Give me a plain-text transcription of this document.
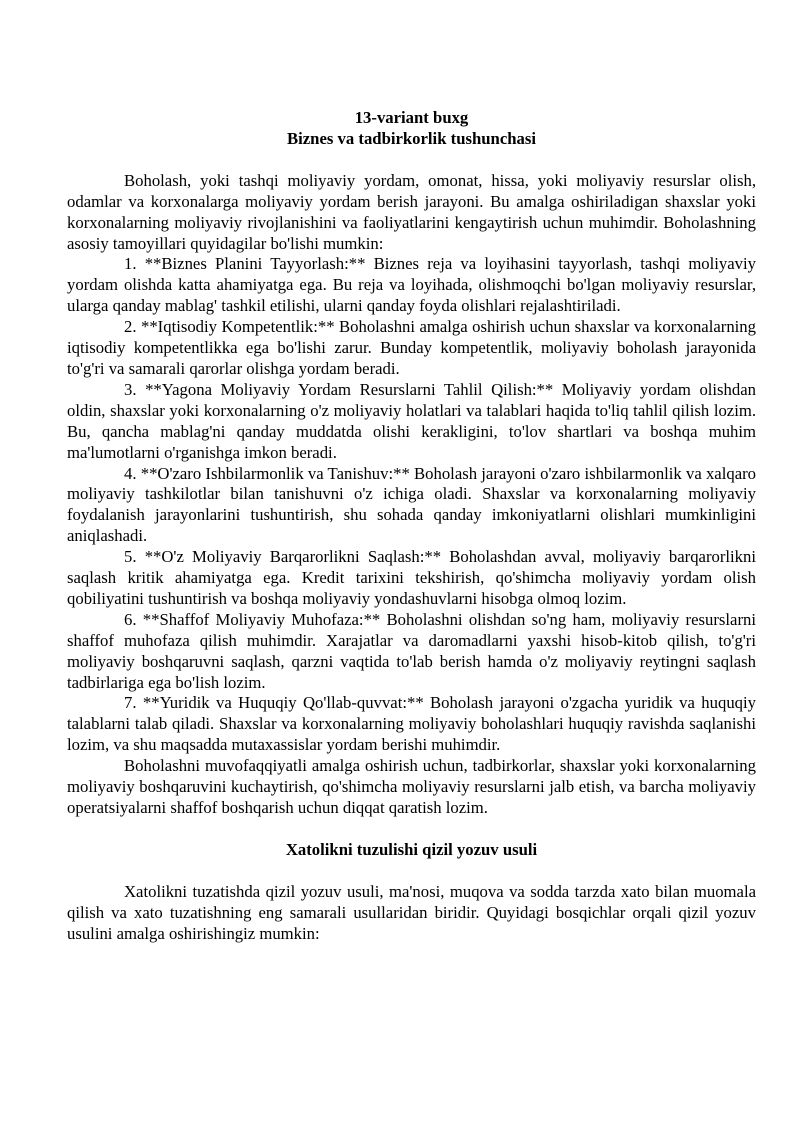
13-variant buxg

Biznes va tadbirkorlik tushunchasi

Boholash, yoki tashqi moliyaviy yordam, omonat, hissa, yoki moliyaviy resurslar olish, odamlar va korxonalarga moliyaviy yordam berish jarayoni. Bu amalga oshiriladigan shaxslar yoki korxonalarning moliyaviy rivojlanishini va faoliyatlarini kengaytirish uchun muhimdir. Boholashning asosiy tamoyillari quyidagilar bo'lishi mumkin:

1. **Biznes Planini Tayyorlash:** Biznes reja va loyihasini tayyorlash, tashqi moliyaviy yordam olishda katta ahamiyatga ega. Bu reja va loyihada, olishmoqchi bo'lgan moliyaviy resurslar, ularga qanday mablag' tashkil etilishi, ularni qanday foyda olishlari rejalashtiriladi.

2. **Iqtisodiy Kompetentlik:** Boholashni amalga oshirish uchun shaxslar va korxonalarning iqtisodiy kompetentlikka ega bo'lishi zarur. Bunday kompetentlik, moliyaviy boholash jarayonida to'g'ri va samarali qarorlar olishga yordam beradi.

3. **Yagona Moliyaviy Yordam Resurslarni Tahlil Qilish:** Moliyaviy yordam olishdan oldin, shaxslar yoki korxonalarning o'z moliyaviy holatlari va talablari haqida to'liq tahlil qilish lozim. Bu, qancha mablag'ni qanday muddatda olishi kerakligini, to'lov shartlari va boshqa muhim ma'lumotlarni o'rganishga imkon beradi.

4. **O'zaro Ishbilarmonlik va Tanishuv:** Boholash jarayoni o'zaro ishbilarmonlik va xalqaro moliyaviy tashkilotlar bilan tanishuvni o'z ichiga oladi. Shaxslar va korxonalarning moliyaviy foydalanish jarayonlarini tushuntirish, shu sohada qanday imkoniyatlarni olishlari mumkinligini aniqlashadi.

5. **O'z Moliyaviy Barqarorlikni Saqlash:** Boholashdan avval, moliyaviy barqarorlikni saqlash kritik ahamiyatga ega. Kredit tarixini tekshirish, qo'shimcha moliyaviy yordam olish qobiliyatini tushuntirish va boshqa moliyaviy yondashuvlarni hisobga olmoq lozim.

6. **Shaffof Moliyaviy Muhofaza:** Boholashni olishdan so'ng ham, moliyaviy resurslarni shaffof muhofaza qilish muhimdir. Xarajatlar va daromadlarni yaxshi hisob-kitob qilish, to'g'ri moliyaviy boshqaruvni saqlash, qarzni vaqtida to'lab berish hamda o'z moliyaviy reytingni saqlash tadbirlariga ega bo'lish lozim.

7. **Yuridik va Huquqiy Qo'llab-quvvat:** Boholash jarayoni o'zgacha yuridik va huquqiy talablarni talab qiladi. Shaxslar va korxonalarning moliyaviy boholashlari huquqiy ravishda saqlanishi lozim, va shu maqsadda mutaxassislar yordam berishi muhimdir.

Boholashni muvofaqqiyatli amalga oshirish uchun, tadbirkorlar, shaxslar yoki korxonalarning moliyaviy boshqaruvini kuchaytirish, qo'shimcha moliyaviy resurslarni jalb etish, va barcha moliyaviy operatsiyalarni shaffof boshqarish uchun diqqat qaratish lozim.

Xatolikni tuzulishi qizil yozuv usuli

Xatolikni tuzatishda qizil yozuv usuli, ma'nosi, muqova va sodda tarzda xato bilan muomala qilish va xato tuzatishning eng samarali usullaridan biridir. Quyidagi bosqichlar orqali qizil yozuv usulini amalga oshirishingiz mumkin:
